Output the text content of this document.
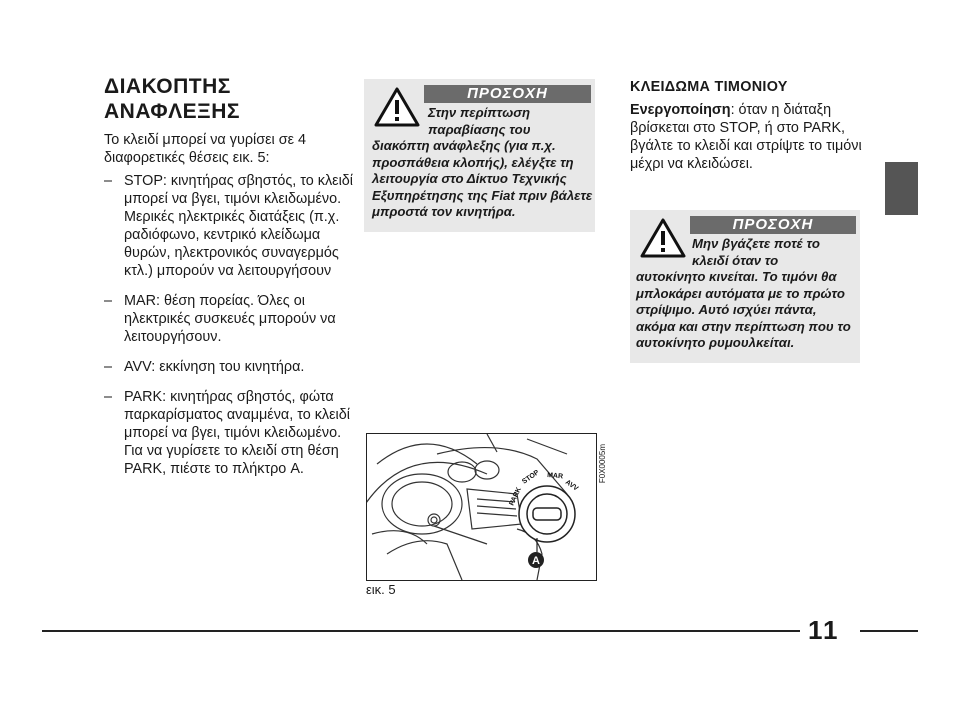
ΔΙΑΚΟΠΤΗΣ
ΑΝΑΦΛΕΞΗΣ
Το κλειδί μπορεί να γυρίσει σε 4 διαφορετικές θέσεις εικ. 5:
– STOP: κινητήρας σβηστός, το κλειδί μπορεί να βγει, τιμόνι κλειδωμένο. Μερικές ηλεκτρικές διατάξεις (π.χ. ραδιόφωνο, κεντρικό κλείδωμα θυρών, ηλεκτρονικός συναγερμός κτλ.) μπορούν να λειτουργήσουν
– MAR: θέση πορείας. Όλες οι ηλεκτρικές συσκευές μπορούν να λειτουργήσουν.
– AVV: εκκίνηση του κινητήρα.
– PARK: κινητήρας σβηστός, φώτα παρκαρίσματος αναμμένα, το κλειδί μπορεί να βγει, τιμόνι κλειδωμένο.
Για να γυρίσετε το κλειδί στη θέση PARK, πιέστε το πλήκτρο A.
ΠΡΟΣΟΧΗ
Στην περίπτωση
παραβίασης του
διακόπτη ανάφλεξης (για π.χ. προσπάθεια κλοπής), ελέγξτε τη λειτουργία στο Δίκτυο Τεχνικής Εξυπηρέτησης της Fiat πριν βάλετε μπροστά τον κινητήρα.
ΚΛΕΙΔΩΜΑ ΤΙΜΟΝΙΟΥ
Ενεργοποίηση: όταν η διάταξη βρίσκεται στο STOP, ή στο PARK, βγάλτε το κλειδί και στρίψτε το τιμόνι μέχρι να κλειδώσει.
ΠΡΟΣΟΧΗ
Μην βγάζετε ποτέ το
κλειδί όταν το
αυτοκίνητο κινείται. Το τιμόνι θα μπλοκάρει αυτόματα με το πρώτο στρίψιμο. Αυτό ισχύει πάντα, ακόμα και στην περίπτωση που το αυτοκίνητο ρυμουλκείται.
PARK
STOP MAR
AVV
A
F0X0005m
εικ. 5
11
